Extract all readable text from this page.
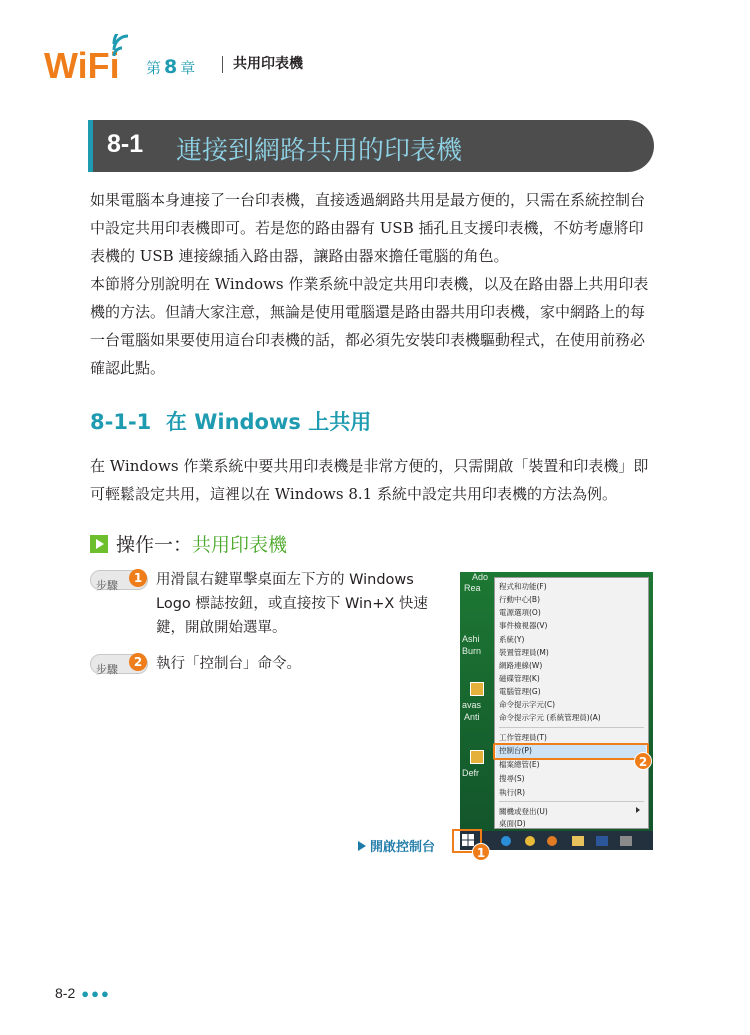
WiFi 第 8 章	共用印表機
8-1 連接到網路共用的印表機
如果電腦本身連接了一台印表機，直接透過網路共用是最方便的，只需在系統控制台中設定共用印表機即可。若是您的路由器有 USB 插孔且支援印表機，不妨考慮將印表機的 USB 連接線插入路由器，讓路由器來擔任電腦的角色。
本節將分別說明在 Windows 作業系統中設定共用印表機，以及在路由器上共用印表機的方法。但請大家注意，無論是使用電腦還是路由器共用印表機，家中網路上的每一台電腦如果要使用這台印表機的話，都必須先安裝印表機驅動程式，在使用前務必確認此點。
8-1-1 在 Windows 上共用
在 Windows 作業系統中要共用印表機是非常方便的，只需開啟「裝置和印表機」即可輕鬆設定共用，這裡以在 Windows 8.1 系統中設定共用印表機的方法為例。
操作一：共用印表機
步驟
1 用滑鼠右鍵單擊桌面左下方的 Windows Logo 標誌按鈕，或直接按下 Win+X 快速鍵，開啟開始選單。
步驟
2 執行「控制台」命令。
Ado
Rea
Ashi
Burn
avas
Anti
Defr
程式和功能(F)
行動中心(B)
電源選項(O)
事件檢視器(V)
系統(Y)
裝置管理員(M)
網路連線(W)
磁碟管理(K)
電腦管理(G)
命令提示字元(C)
命令提示字元 (系統管理員)(A)
工作管理員(T)
控制台(P)
檔案總管(E)
搜尋(S)
執行(R)
關機或登出(U)
桌面(D)
2
1
開啟控制台
8-2 ●●●
